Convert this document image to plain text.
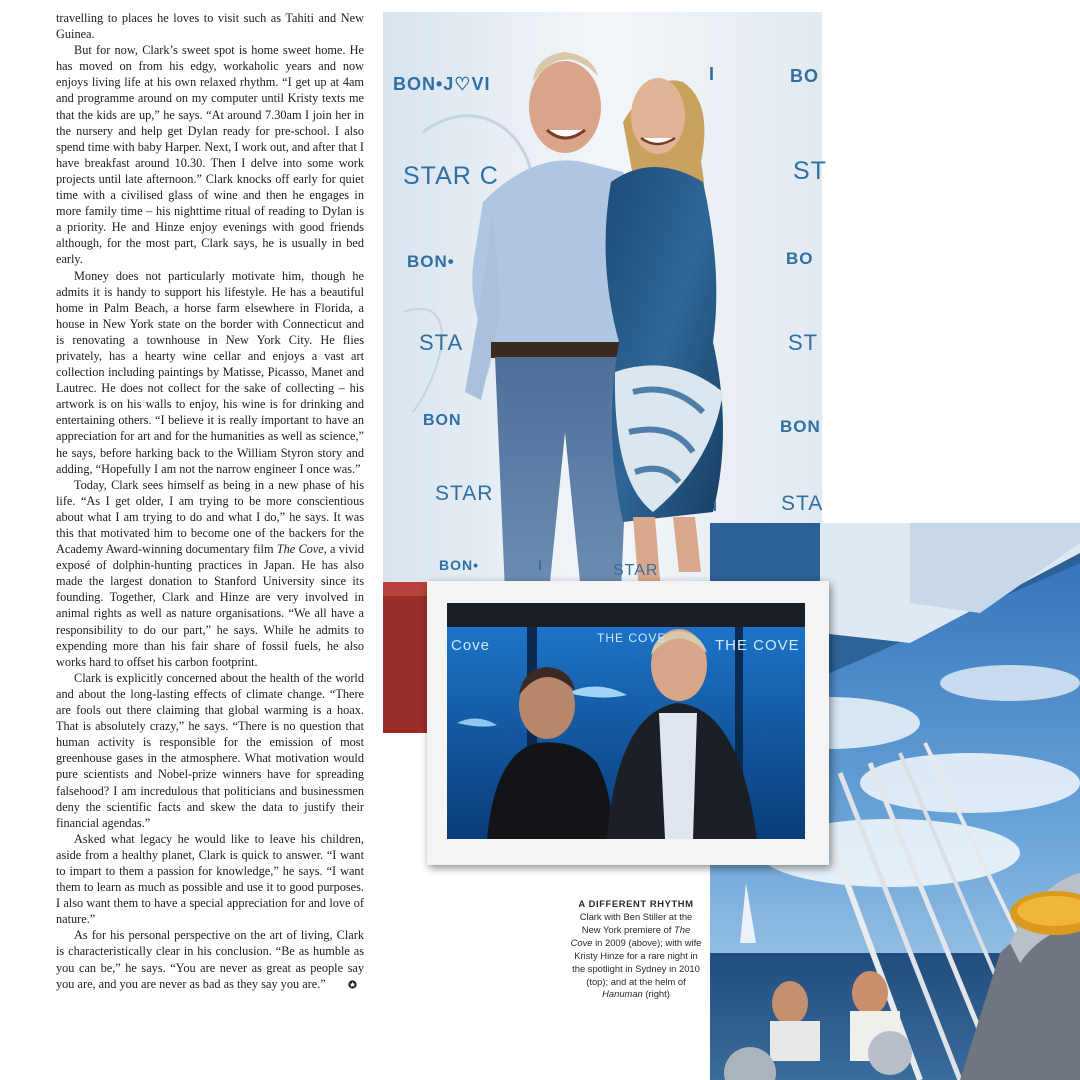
travelling to places he loves to visit such as Tahiti and New Guinea.

But for now, Clark’s sweet spot is home sweet home. He has moved on from his edgy, workaholic years and now enjoys living life at his own relaxed rhythm. “I get up at 4am and programme around on my computer until Kristy texts me that the kids are up,” he says. “At around 7.30am I join her in the nursery and help get Dylan ready for pre-school. I also spend time with baby Harper. Next, I work out, and after that I have breakfast around 10.30. Then I delve into some work projects until late afternoon.” Clark knocks off early for quiet time with a civilised glass of wine and then he engages in more family time – his nighttime ritual of reading to Dylan is a priority. He and Hinze enjoy evenings with good friends although, for the most part, Clark says, he is usually in bed early.

Money does not particularly motivate him, though he admits it is handy to support his lifestyle. He has a beautiful home in Palm Beach, a horse farm elsewhere in Florida, a house in New York state on the border with Connecticut and is renovating a townhouse in New York City. He flies privately, has a hearty wine cellar and enjoys a vast art collection including paintings by Matisse, Picasso, Manet and Lautrec. He does not collect for the sake of collecting – his artwork is on his walls to enjoy, his wine is for drinking and entertaining others. “I believe it is really important to have an appreciation for art and for the humanities as well as science,” he says, before harking back to the William Styron story and adding, “Hopefully I am not the narrow engineer I once was.”

Today, Clark sees himself as being in a new phase of his life. “As I get older, I am trying to be more conscientious about what I am trying to do and what I do,” he says. It was this that motivated him to become one of the backers for the Academy Award-winning documentary film The Cove, a vivid exposé of dolphin-hunting practices in Japan. He has also made the largest donation to Stanford University since its founding. Together, Clark and Hinze are very involved in animal rights as well as nature organisations. “We all have a responsibility to do our part,” he says. While he admits to expending more than his fair share of fossil fuels, he also works hard to offset his carbon footprint.

Clark is explicitly concerned about the health of the world and about the long-lasting effects of climate change. “There are fools out there claiming that global warming is a hoax. That is absolutely crazy,” he says. “There is no question that human activity is responsible for the emission of most greenhouse gases in the atmosphere. What motivation would pure scientists and Nobel-prize winners have for spreading falsehood? I am incredulous that politicians and businessmen deny the scientific facts and skew the data to justify their financial agendas.”

Asked what legacy he would like to leave his children, aside from a healthy planet, Clark is quick to answer. “I want to impart to them a passion for knowledge,” he says. “I want them to learn as much as possible and use it to good purposes. I also want them to have a special appreciation for and love of nature.”

As for his personal perspective on the art of living, Clark is characteristically clear in his conclusion. “Be as humble as you can be,” he says. “You are never as great as people say you are, and you are never as bad as they say you are.”

BON•J♡VI	BO
STAR C	ST
BON•	BO
STA	ST
BON	BON
STAR	STA
BON•
I
STAR
I
I
Cove	THE COVE	THE COVE
A DIFFERENT RHYTHM
Clark with Ben Stiller at the New York premiere of The Cove in 2009 (above); with wife Kristy Hinze for a rare night in the spotlight in Sydney in 2010 (top); and at the helm of Hanuman (right)
